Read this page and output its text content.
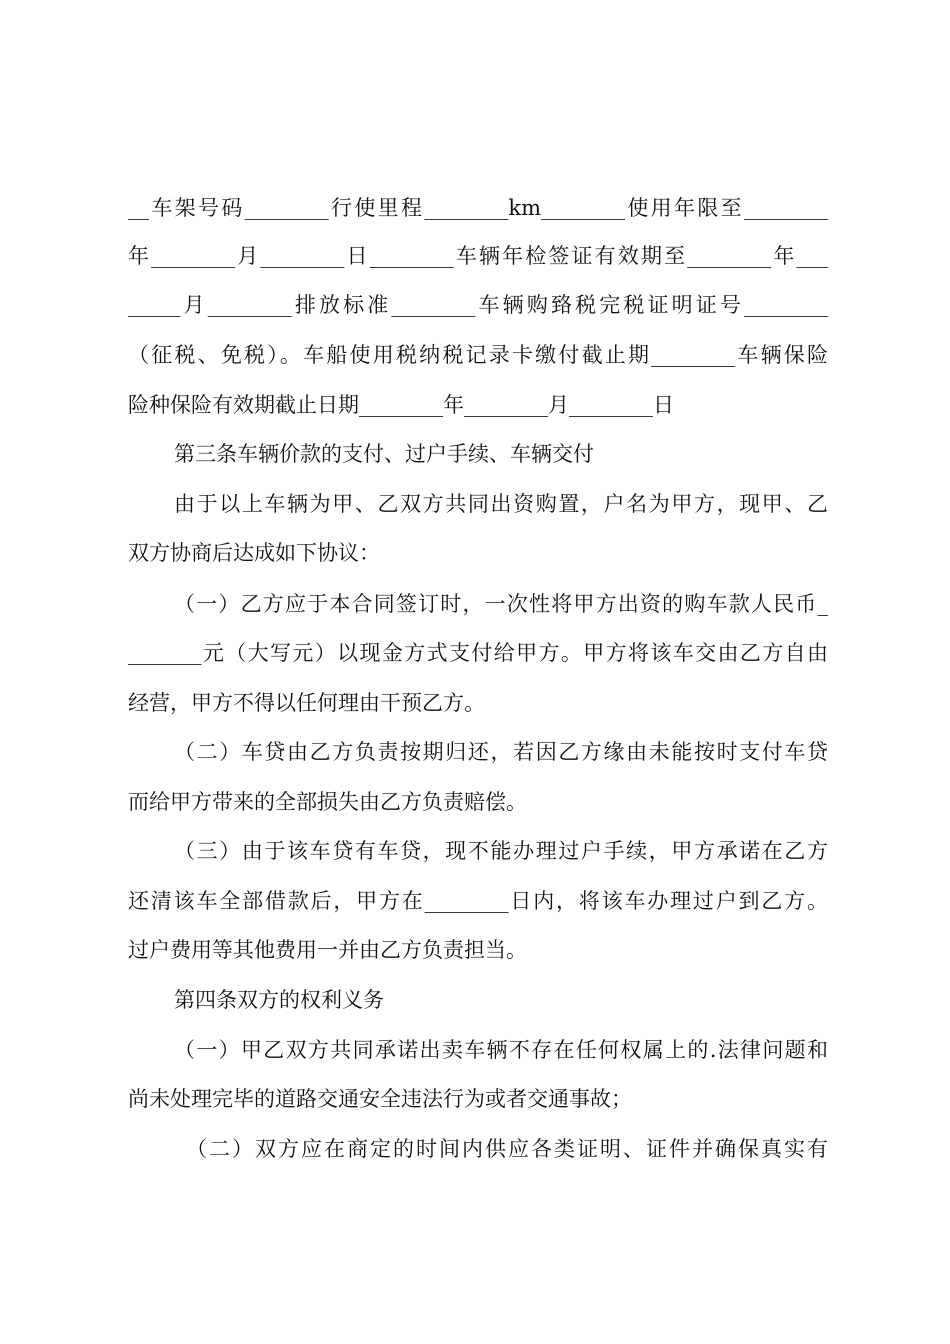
__车架号码________行使里程________km________使用年限至________
年________月________日________车辆年检签证有效期至________年___
_____月________排放标准________车辆购臵税完税证明证号________
（征税、免税）。车船使用税纳税记录卡缴付截止期________车辆保险
险种保险有效期截止日期________年________月________日
第三条车辆价款的支付、过户手续、车辆交付
由于以上车辆为甲、乙双方共同出资购置，户名为甲方，现甲、乙
双方协商后达成如下协议：
（一）乙方应于本合同签订时，一次性将甲方出资的购车款人民币_
_______元（大写元）以现金方式支付给甲方。甲方将该车交由乙方自由
经营，甲方不得以任何理由干预乙方。
（二）车贷由乙方负责按期归还，若因乙方缘由未能按时支付车贷
而给甲方带来的全部损失由乙方负责赔偿。
（三）由于该车贷有车贷，现不能办理过户手续，甲方承诺在乙方
还清该车全部借款后，甲方在________日内，将该车办理过户到乙方。
过户费用等其他费用一并由乙方负责担当。
第四条双方的权利义务
（一）甲乙双方共同承诺出卖车辆不存在任何权属上的.法律问题和
尚未处理完毕的道路交通安全违法行为或者交通事故；
（二）双方应在商定的时间内供应各类证明、证件并确保真实有
